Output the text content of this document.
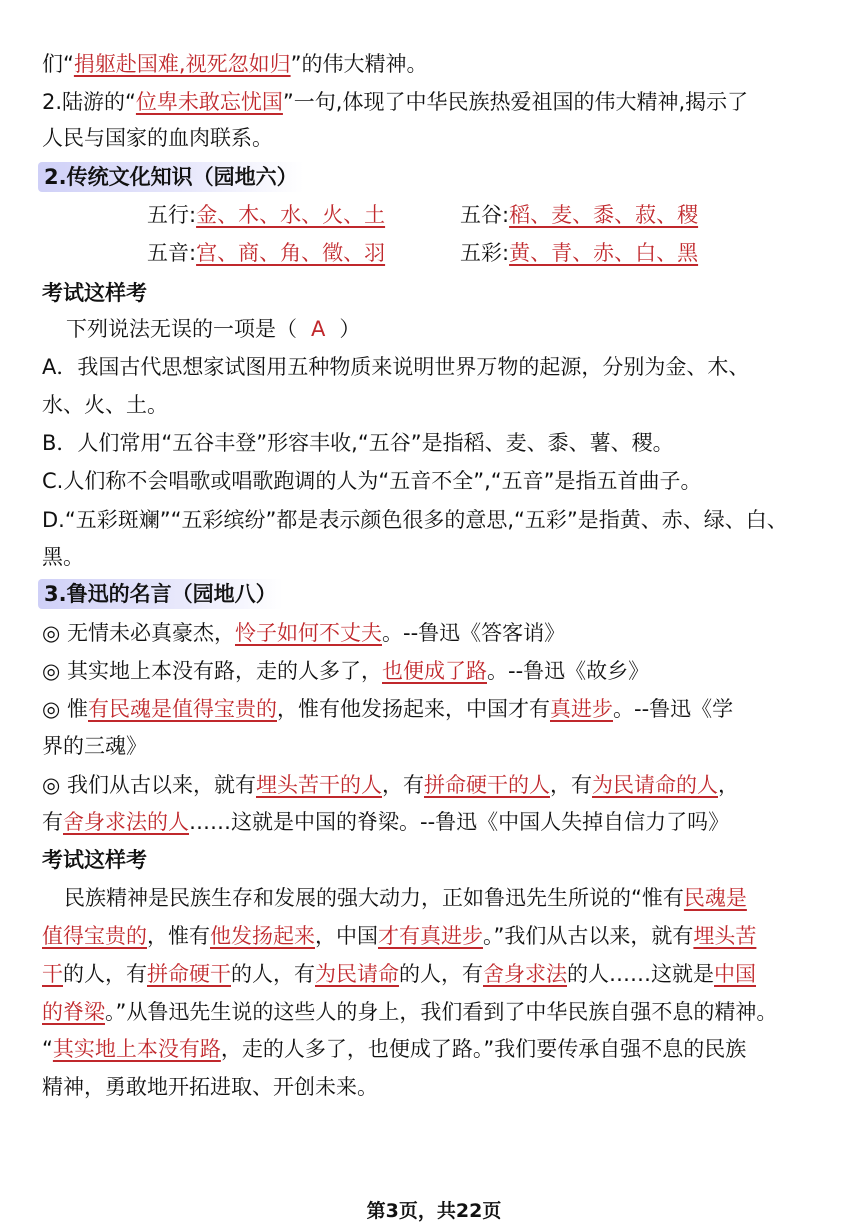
们“捐躯赴国难,视死忽如归”的伟大精神。
2.陆游的“位卑未敢忘忧国”一句,体现了中华民族热爱祖国的伟大精神,揭示了
人民与国家的血肉联系。
2.传统文化知识（园地六）
五行:金、木、水、火、土	五谷:稻、麦、黍、菽、稷
五音:宫、商、角、徵、羽	五彩:黄、青、赤、白、黑
考试这样考
下列说法无误的一项是（ A ）
A．我国古代思想家试图用五种物质来说明世界万物的起源，分别为金、木、
水、火、土。
B．人们常用“五谷丰登”形容丰收,“五谷”是指稻、麦、黍、薯、稷。
C.人们称不会唱歌或唱歌跑调的人为“五音不全”,“五音”是指五首曲子。
D.“五彩斑斓”“五彩缤纷”都是表示颜色很多的意思,“五彩”是指黄、赤、绿、白、
黑。
3.鲁迅的名言（园地八）
◎ 无情未必真豪杰，怜子如何不丈夫。--鲁迅《答客诮》
◎ 其实地上本没有路，走的人多了，也便成了路。--鲁迅《故乡》
◎ 惟有民魂是值得宝贵的，惟有他发扬起来，中国才有真进步。--鲁迅《学
界的三魂》
◎ 我们从古以来，就有埋头苦干的人，有拼命硬干的人，有为民请命的人，
有舍身求法的人……这就是中国的脊梁。--鲁迅《中国人失掉自信力了吗》
考试这样考
民族精神是民族生存和发展的强大动力，正如鲁迅先生所说的“惟有民魂是
值得宝贵的，惟有他发扬起来，中国才有真进步。”我们从古以来，就有埋头苦
干的人，有拼命硬干的人，有为民请命的人，有舍身求法的人……这就是中国
的脊梁。”从鲁迅先生说的这些人的身上，我们看到了中华民族自强不息的精神。
“其实地上本没有路，走的人多了，也便成了路。”我们要传承自强不息的民族
精神，勇敢地开拓进取、开创未来。
第3页，共22页
